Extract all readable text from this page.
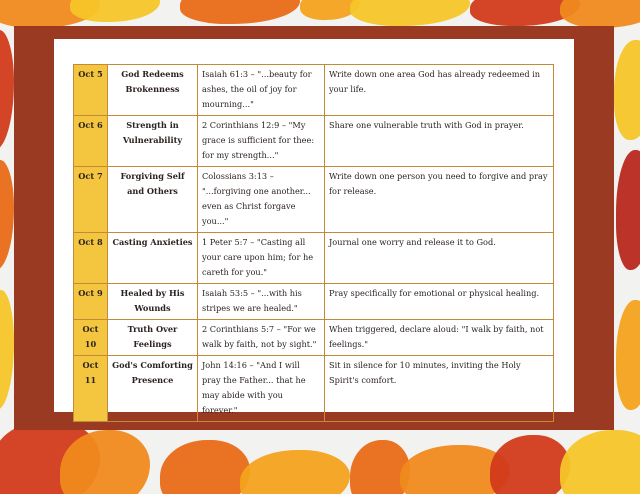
Oct 5	God Redeems Brokenness	Isaiah 61:3 – "...beauty for ashes, the oil of joy for mourning..."	Write down one area God has already redeemed in your life.
Oct 6	Strength in Vulnerability	2 Corinthians 12:9 – "My grace is sufficient for thee: for my strength..."	Share one vulnerable truth with God in prayer.
Oct 7	Forgiving Self and Others	Colossians 3:13 – "...forgiving one another... even as Christ forgave you..."	Write down one person you need to forgive and pray for release.
Oct 8	Casting Anxieties	1 Peter 5:7 – "Casting all your care upon him; for he careth for you."	Journal one worry and release it to God.
Oct 9	Healed by His Wounds	Isaiah 53:5 – "...with his stripes we are healed."	Pray specifically for emotional or physical healing.
Oct 10	Truth Over Feelings	2 Corinthians 5:7 – "For we walk by faith, not by sight."	When triggered, declare aloud: "I walk by faith, not feelings."
Oct 11	God's Comforting Presence	John 14:16 – "And I will pray the Father... that he may abide with you forever."	Sit in silence for 10 minutes, inviting the Holy Spirit's comfort.
